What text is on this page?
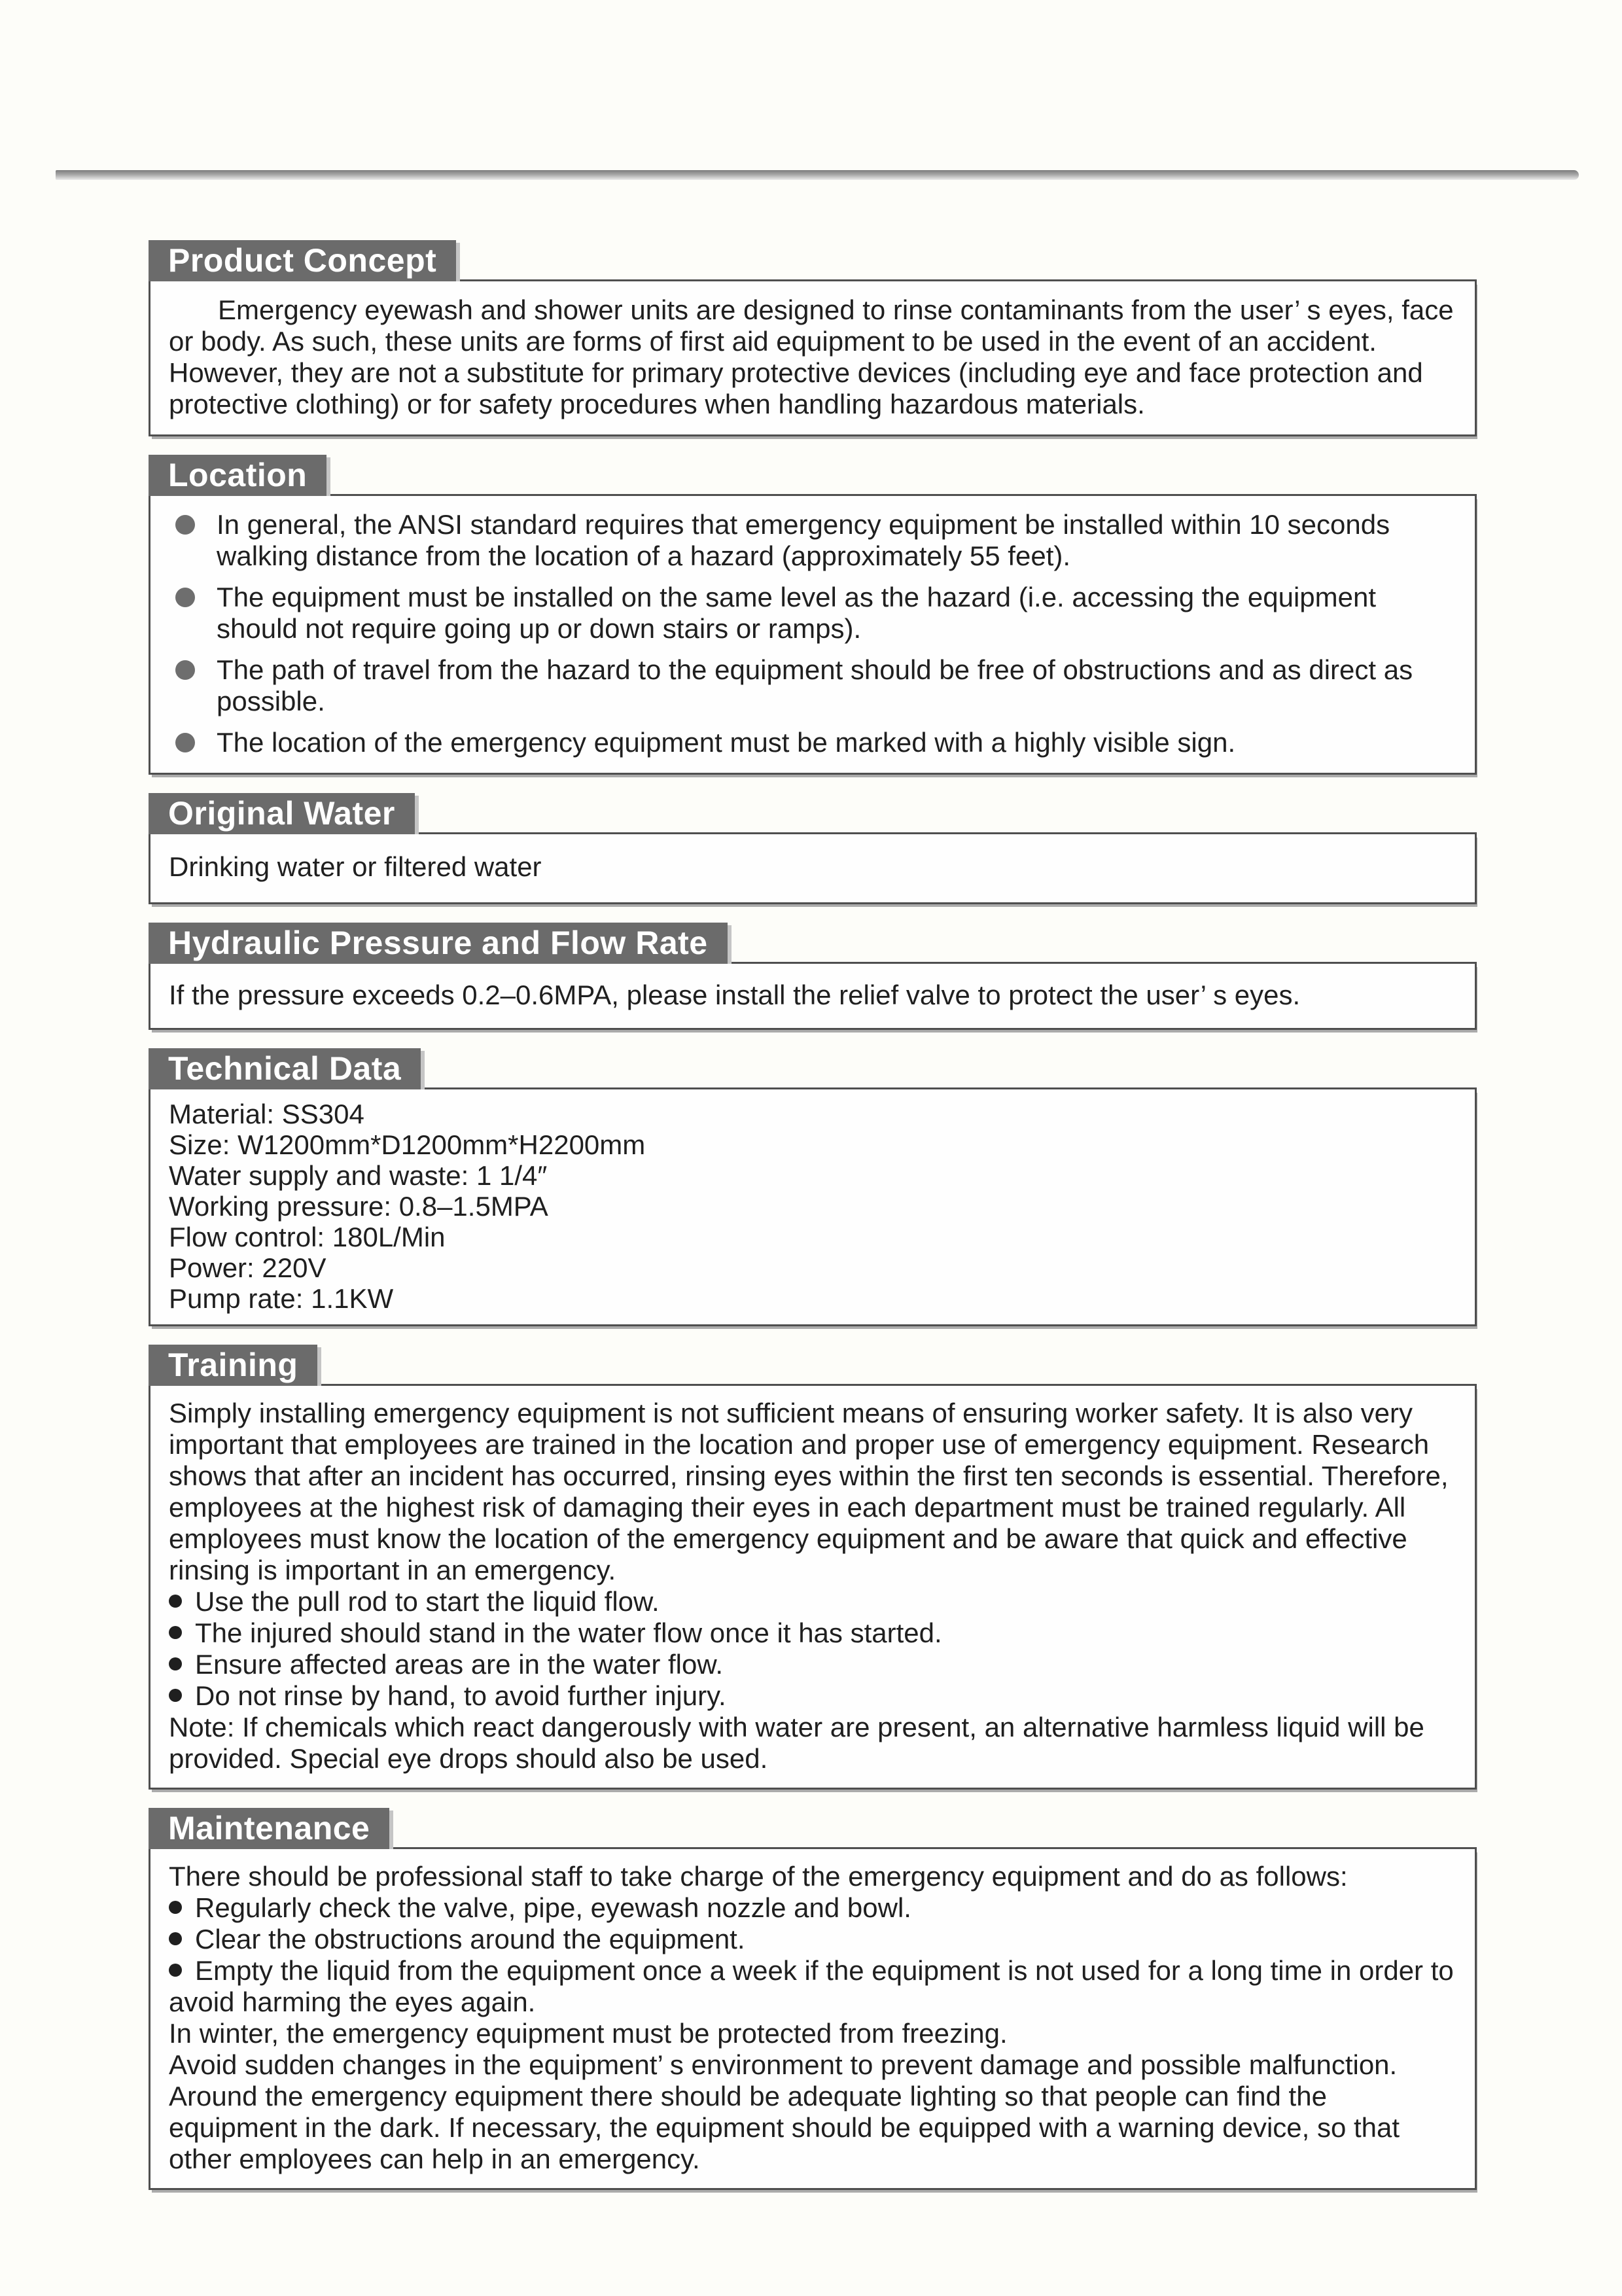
Product Concept

Emergency eyewash and shower units are designed to rinse contaminants from the user’ s eyes, face or body. As such, these units are forms of first aid equipment to be used in the event of an accident. However, they are not a substitute for primary protective devices (including eye and face protection and protective clothing) or for safety procedures when handling hazardous materials.

Location
In general, the ANSI standard requires that emergency equipment be installed within 10 seconds walking distance from the location of a hazard (approximately 55 feet).
The equipment must be installed on the same level as the hazard (i.e. accessing the equipment should not require going up or down stairs or ramps).
The path of travel from the hazard to the equipment should be free of obstructions and as direct as possible.
The location of the emergency equipment must be marked with a highly visible sign.
Original Water

Drinking water or filtered water

Hydraulic Pressure and Flow Rate

If the pressure exceeds 0.2–0.6MPA, please install the relief valve to protect the user’ s eyes.

Technical Data

Material: SS304

Size: W1200mm*D1200mm*H2200mm

Water supply and waste: 1 1/4″

Working pressure: 0.8–1.5MPA

Flow control: 180L/Min

Power: 220V

Pump rate: 1.1KW

Training

Simply installing emergency equipment is not sufficient means of ensuring worker safety. It is also very important that employees are trained in the location and proper use of emergency equipment. Research shows that after an incident has occurred, rinsing eyes within the first ten seconds is essential. Therefore, employees at the highest risk of damaging their eyes in each department must be trained regularly. All employees must know the location of the emergency equipment and be aware that quick and effective rinsing is important in an emergency.

Use the pull rod to start the liquid flow.
The injured should stand in the water flow once it has started.
Ensure affected areas are in the water flow.
Do not rinse by hand, to avoid further injury.

Note: If chemicals which react dangerously with water are present, an alternative harmless liquid will be provided. Special eye drops should also be used.

Maintenance

There should be professional staff to take charge of the emergency equipment and do as follows:

Regularly check the valve, pipe, eyewash nozzle and bowl.
Clear the obstructions around the equipment.
Empty the liquid from the equipment once a week if the equipment is not used for a long time in order to avoid harming the eyes again.

In winter, the emergency equipment must be protected from freezing.

Avoid sudden changes in the equipment’ s environment to prevent damage and possible malfunction.

Around the emergency equipment there should be adequate lighting so that people can find the equipment in the dark. If necessary, the equipment should be equipped with a warning device, so that other employees can help in an emergency.
